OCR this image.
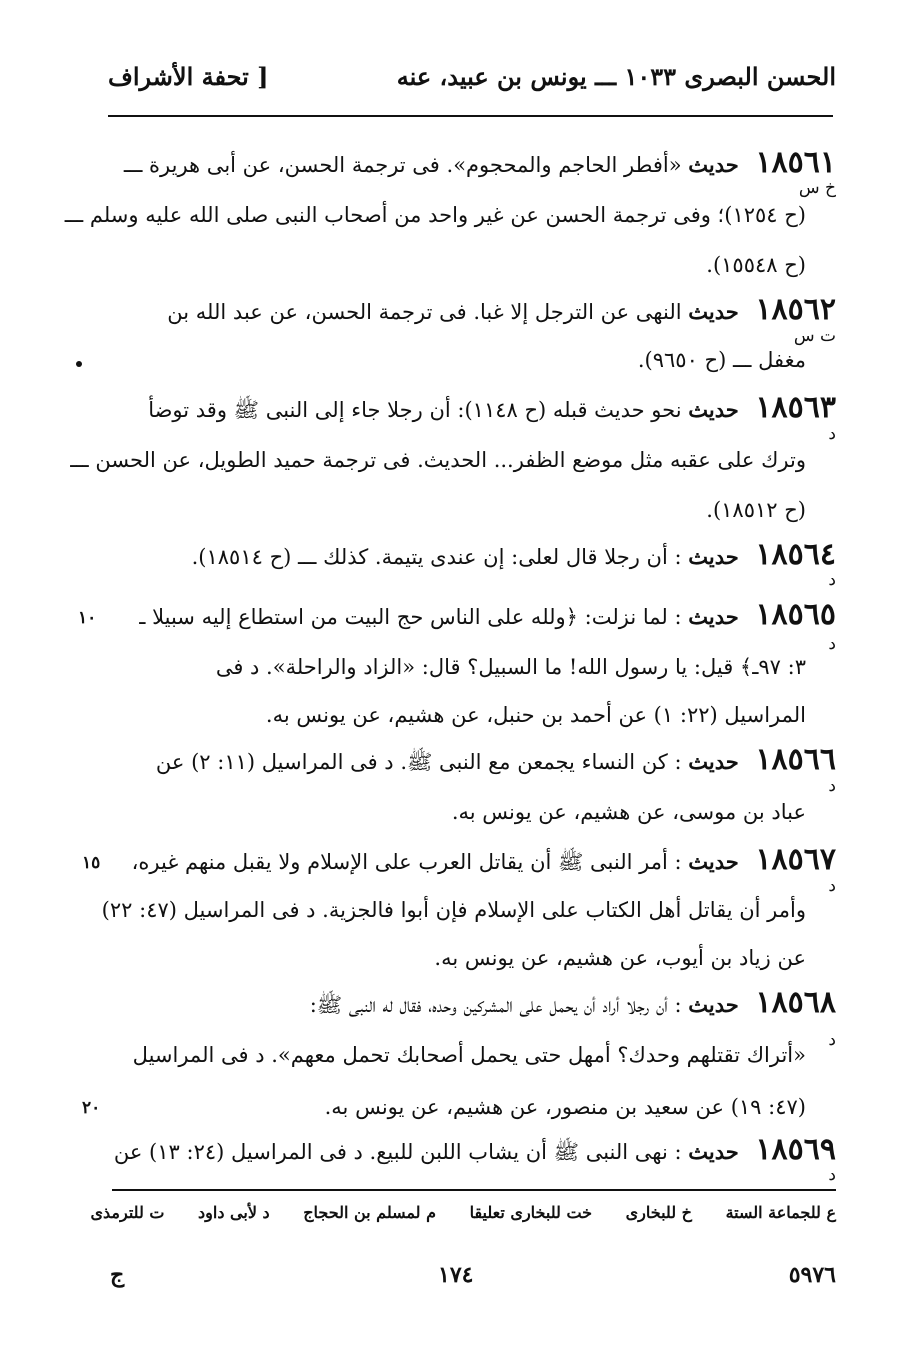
الحسن البصرى ١٠٣٣ ـــ يونس بن عبيد، عنه
[ تحفة الأشراف
١٨٥٦١ حديث «أفطر الحاجم والمحجوم». فى ترجمة الحسن، عن أبى هريرة ـــ
خ س
(ح ١٢٥٤)؛ وفى ترجمة الحسن عن غير واحد من أصحاب النبى صلى الله عليه وسلم ـــ
(ح ١٥٥٤٨).
١٨٥٦٢ حديث النهى عن الترجل إلا غبا. فى ترجمة الحسن، عن عبد الله بن
ت س
مغفل ـــ (ح ٩٦٥٠).
١٨٥٦٣ حديث نحو حديث قبله (ح ١١٤٨): أن رجلا جاء إلى النبى ﷺ وقد توضأ
د
وترك على عقبه مثل موضع الظفر... الحديث. فى ترجمة حميد الطويل، عن الحسن ـــ
(ح ١٨٥١٢).
١٨٥٦٤ حديث : أن رجلا قال لعلى: إن عندى يتيمة. كذلك ـــ (ح ١٨٥١٤).
د
١٨٥٦٥ حديث : لما نزلت: ﴿ولله على الناس حج البيت من استطاع إليه سبيلا ـ
١٠
د
٣: ٩٧ـ﴾ قيل: يا رسول الله! ما السبيل؟ قال: «الزاد والراحلة». د فى
المراسيل (٢٢: ١) عن أحمد بن حنبل، عن هشيم، عن يونس به.
١٨٥٦٦ حديث : كن النساء يجمعن مع النبى ﷺ. د فى المراسيل (١١: ٢) عن
د
عباد بن موسى، عن هشيم، عن يونس به.
١٨٥٦٧ حديث : أمر النبى ﷺ أن يقاتل العرب على الإسلام ولا يقبل منهم غيره،
١٥
د
وأمر أن يقاتل أهل الكتاب على الإسلام فإن أبوا فالجزية. د فى المراسيل (٤٧: ٢٢)
عن زياد بن أيوب، عن هشيم، عن يونس به.
١٨٥٦٨ حديث : أن رجلا أراد أن يحمل على المشركين وحده، فقال له النبى ﷺ:
د
«أتراك تقتلهم وحدك؟ أمهل حتى يحمل أصحابك تحمل معهم». د فى المراسيل
(٤٧: ١٩) عن سعيد بن منصور، عن هشيم، عن يونس به.
٢٠
١٨٥٦٩ حديث : نهى النبى ﷺ أن يشاب اللبن للبيع. د فى المراسيل (٢٤: ١٣) عن
د
ع للجماعة الستة خ للبخارى خت للبخارى تعليقا م لمسلم بن الحجاج د لأبى داود ت للترمذى
٥٩٧٦
١٧٤
ج
